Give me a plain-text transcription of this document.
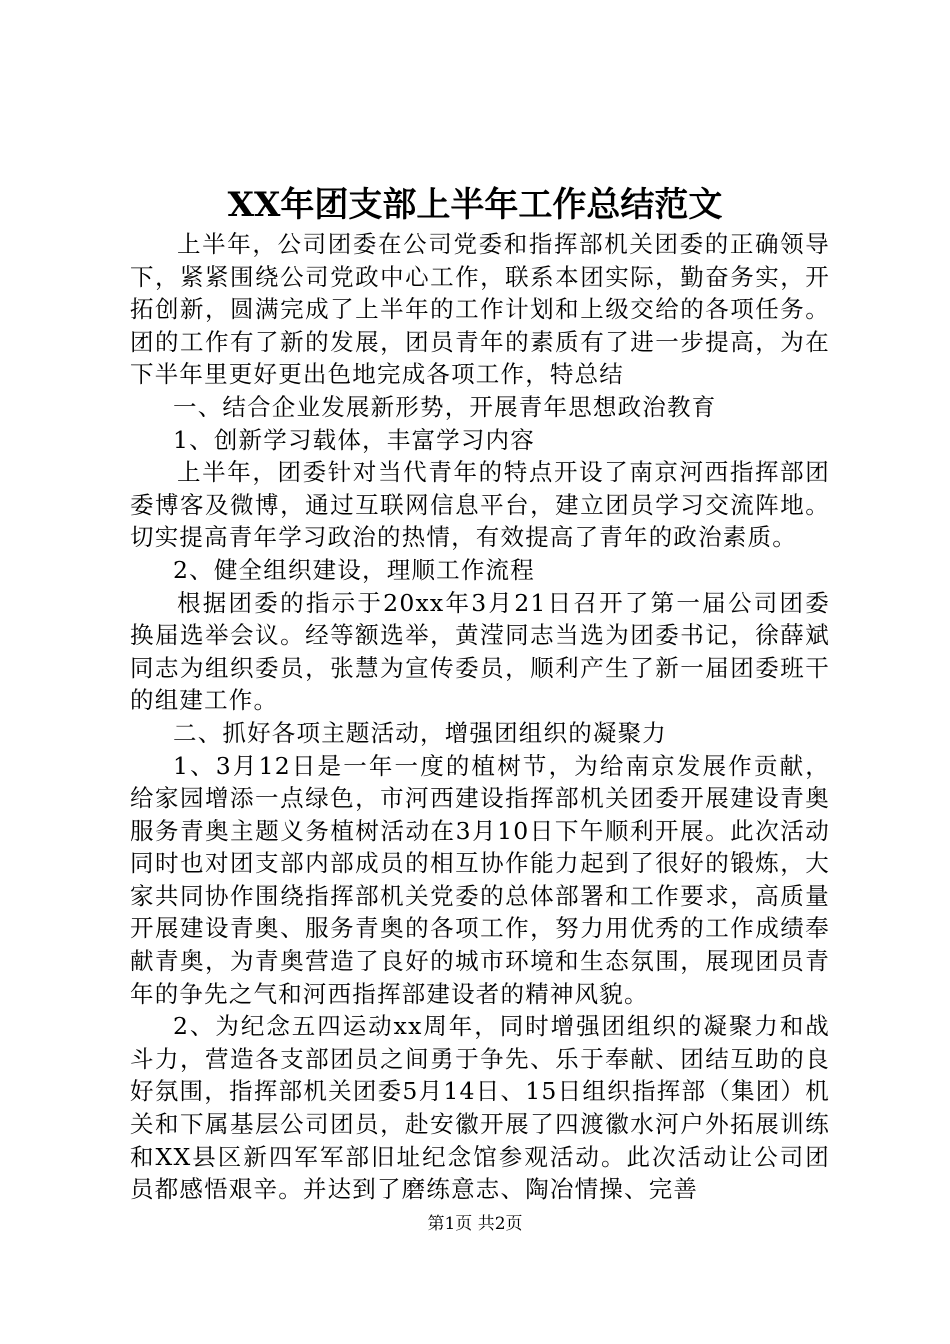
XX年团支部上半年工作总结范文

上半年，公司团委在公司党委和指挥部机关团委的正确领导下，紧紧围绕公司党政中心工作，联系本团实际，勤奋务实，开拓创新，圆满完成了上半年的工作计划和上级交给的各项任务。团的工作有了新的发展，团员青年的素质有了进一步提高，为在下半年里更好更出色地完成各项工作，特总结

一、结合企业发展新形势，开展青年思想政治教育

1、创新学习载体，丰富学习内容

上半年，团委针对当代青年的特点开设了南京河西指挥部团委博客及微博，通过互联网信息平台，建立团员学习交流阵地。切实提高青年学习政治的热情，有效提高了青年的政治素质。

2、健全组织建设，理顺工作流程

根据团委的指示于20xx年3月21日召开了第一届公司团委换届选举会议。经等额选举，黄滢同志当选为团委书记，徐薛斌同志为组织委员，张慧为宣传委员，顺利产生了新一届团委班干的组建工作。

二、抓好各项主题活动，增强团组织的凝聚力

1、3月12日是一年一度的植树节，为给南京发展作贡献，给家园增添一点绿色，市河西建设指挥部机关团委开展建设青奥服务青奥主题义务植树活动在3月10日下午顺利开展。此次活动同时也对团支部内部成员的相互协作能力起到了很好的锻炼，大家共同协作围绕指挥部机关党委的总体部署和工作要求，高质量开展建设青奥、服务青奥的各项工作，努力用优秀的工作成绩奉献青奥，为青奥营造了良好的城市环境和生态氛围，展现团员青年的争先之气和河西指挥部建设者的精神风貌。

2、为纪念五四运动xx周年，同时增强团组织的凝聚力和战斗力，营造各支部团员之间勇于争先、乐于奉献、团结互助的良好氛围，指挥部机关团委5月14日、15日组织指挥部（集团）机关和下属基层公司团员，赴安徽开展了四渡徽水河户外拓展训练和XX县区新四军军部旧址纪念馆参观活动。此次活动让公司团员都感悟艰辛。并达到了磨练意志、陶冶情操、完善

第1页 共2页
